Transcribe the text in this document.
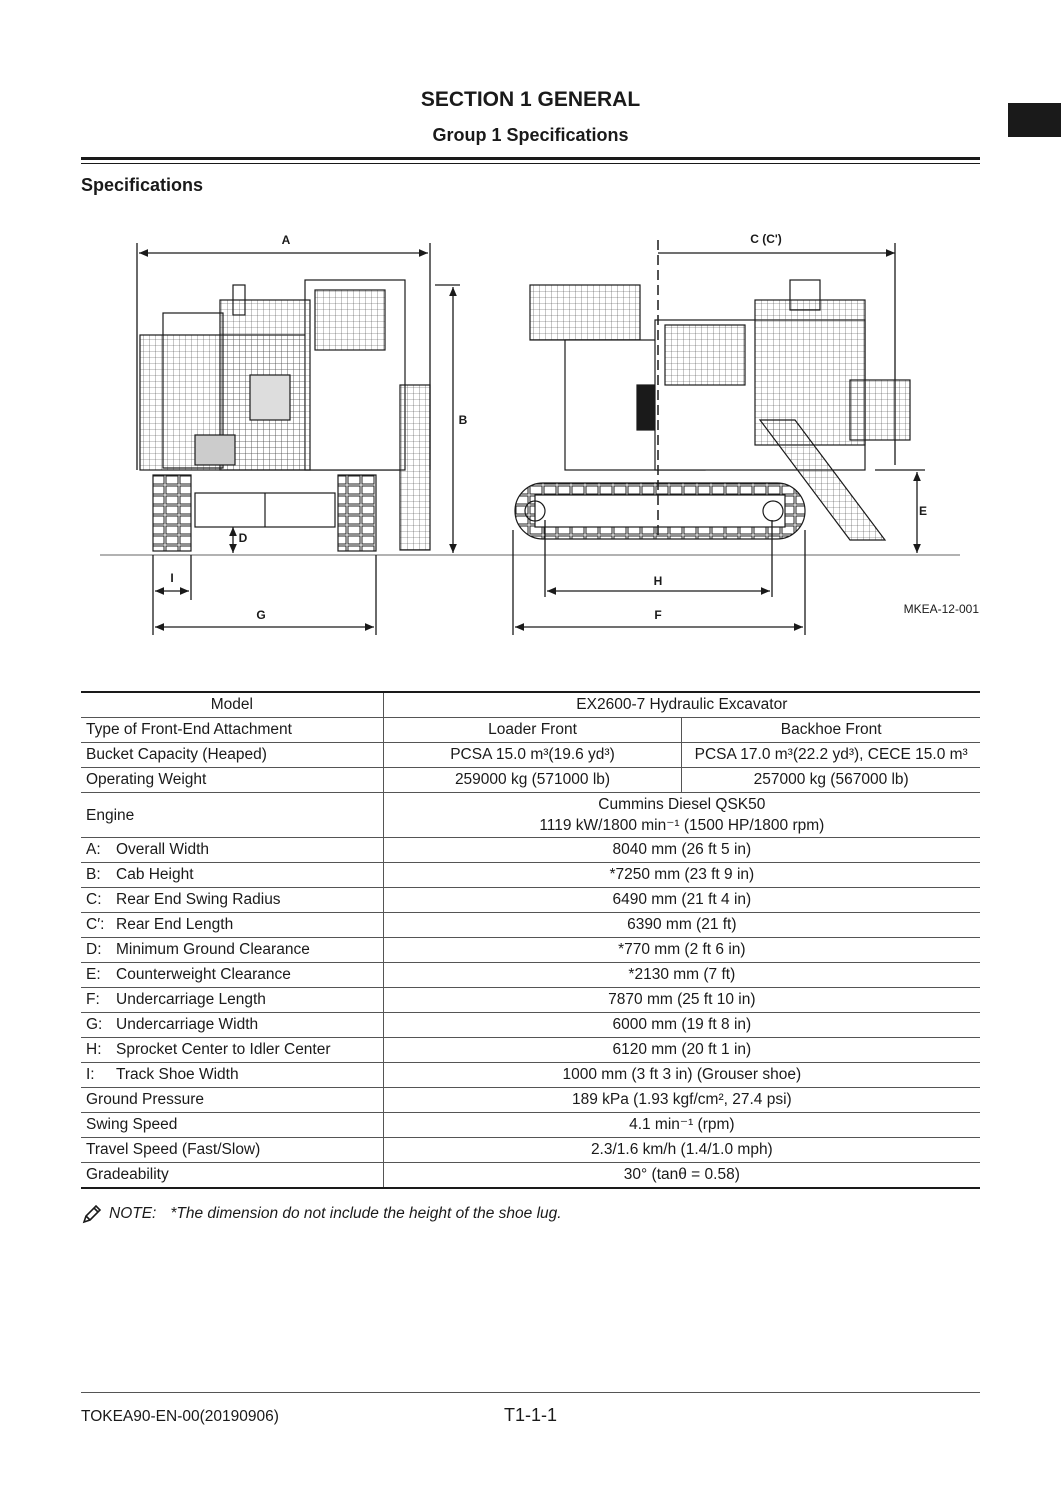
SECTION 1 GENERAL
Group 1 Specifications
Specifications
A	C (C')
B
D
E
I	H
G	F	MKEA-12-001
Model	EX2600-7 Hydraulic Excavator	
Type of Front-End Attachment	Loader Front	Backhoe Front
Bucket Capacity (Heaped)	PCSA 15.0 m³(19.6 yd³)	PCSA 17.0 m³(22.2 yd³), CECE 15.0 m³
Operating Weight	259000 kg (571000 lb)	257000 kg (567000 lb)
Engine	Cummins Diesel QSK50
1119 kW/1800 min⁻¹ (1500 HP/1800 rpm)	

A: Overall Width	8040 mm (26 ft 5 in)	
B: Cab Height	*7250 mm (23 ft 9 in)	
C: Rear End Swing Radius	6490 mm (21 ft 4 in)	
C′: Rear End Length	6390 mm (21 ft)	
D: Minimum Ground Clearance	*770 mm (2 ft 6 in)	
E: Counterweight Clearance	*2130 mm (7 ft)	
F: Undercarriage Length	7870 mm (25 ft 10 in)	
G: Undercarriage Width	6000 mm (19 ft 8 in)	
H: Sprocket Center to Idler Center	6120 mm (20 ft 1 in)	
I: Track Shoe Width	1000 mm (3 ft 3 in) (Grouser shoe)	
Ground Pressure	189 kPa (1.93 kgf/cm², 27.4 psi)	
Swing Speed	4.1 min⁻¹ (rpm)	
Travel Speed (Fast/Slow)	2.3/1.6 km/h (1.4/1.0 mph)	
Gradeability	30° (tanθ = 0.58)	
NOTE: *The dimension do not include the height of the shoe lug.
TOKEA90-EN-00(20190906)	T1-1-1
